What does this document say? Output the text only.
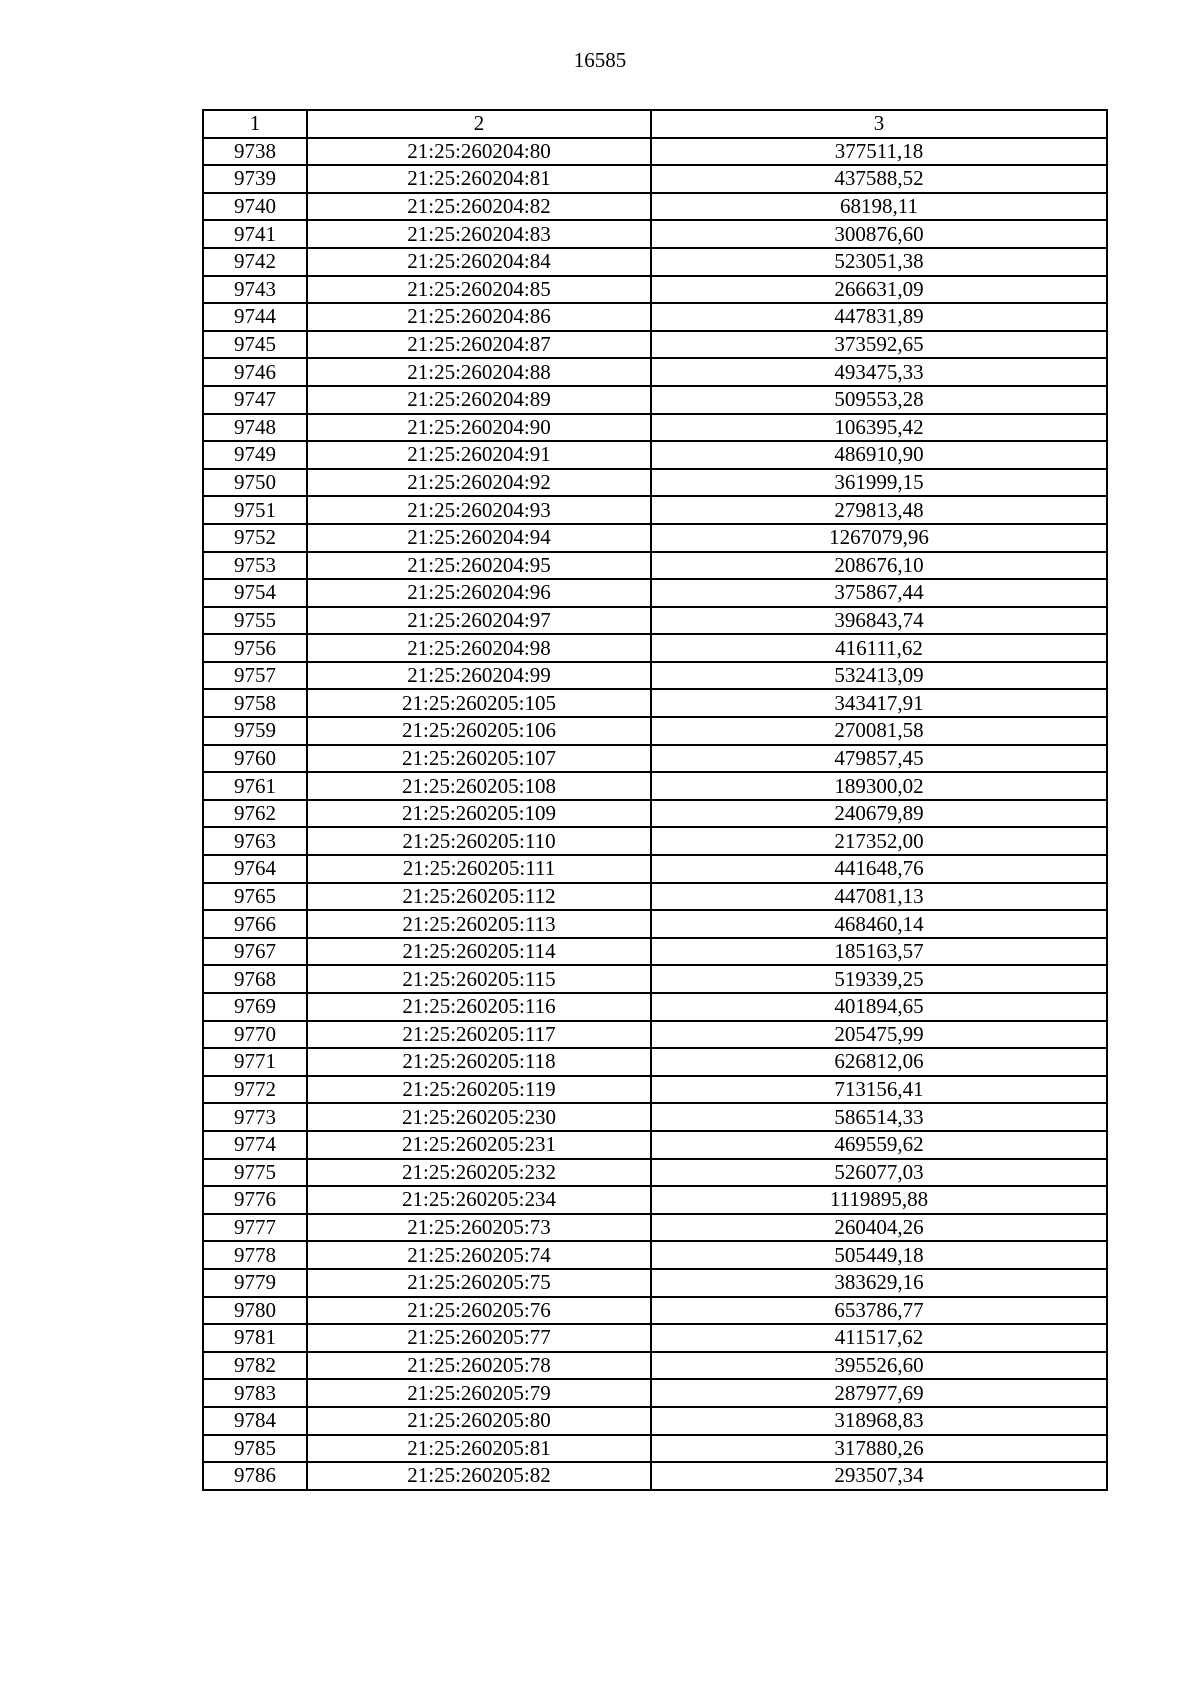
16585
1	2	3
9738	21:25:260204:80	377511,18
9739	21:25:260204:81	437588,52
9740	21:25:260204:82	68198,11
9741	21:25:260204:83	300876,60
9742	21:25:260204:84	523051,38
9743	21:25:260204:85	266631,09
9744	21:25:260204:86	447831,89
9745	21:25:260204:87	373592,65
9746	21:25:260204:88	493475,33
9747	21:25:260204:89	509553,28
9748	21:25:260204:90	106395,42
9749	21:25:260204:91	486910,90
9750	21:25:260204:92	361999,15
9751	21:25:260204:93	279813,48
9752	21:25:260204:94	1267079,96
9753	21:25:260204:95	208676,10
9754	21:25:260204:96	375867,44
9755	21:25:260204:97	396843,74
9756	21:25:260204:98	416111,62
9757	21:25:260204:99	532413,09
9758	21:25:260205:105	343417,91
9759	21:25:260205:106	270081,58
9760	21:25:260205:107	479857,45
9761	21:25:260205:108	189300,02
9762	21:25:260205:109	240679,89
9763	21:25:260205:110	217352,00
9764	21:25:260205:111	441648,76
9765	21:25:260205:112	447081,13
9766	21:25:260205:113	468460,14
9767	21:25:260205:114	185163,57
9768	21:25:260205:115	519339,25
9769	21:25:260205:116	401894,65
9770	21:25:260205:117	205475,99
9771	21:25:260205:118	626812,06
9772	21:25:260205:119	713156,41
9773	21:25:260205:230	586514,33
9774	21:25:260205:231	469559,62
9775	21:25:260205:232	526077,03
9776	21:25:260205:234	1119895,88
9777	21:25:260205:73	260404,26
9778	21:25:260205:74	505449,18
9779	21:25:260205:75	383629,16
9780	21:25:260205:76	653786,77
9781	21:25:260205:77	411517,62
9782	21:25:260205:78	395526,60
9783	21:25:260205:79	287977,69
9784	21:25:260205:80	318968,83
9785	21:25:260205:81	317880,26
9786	21:25:260205:82	293507,34
